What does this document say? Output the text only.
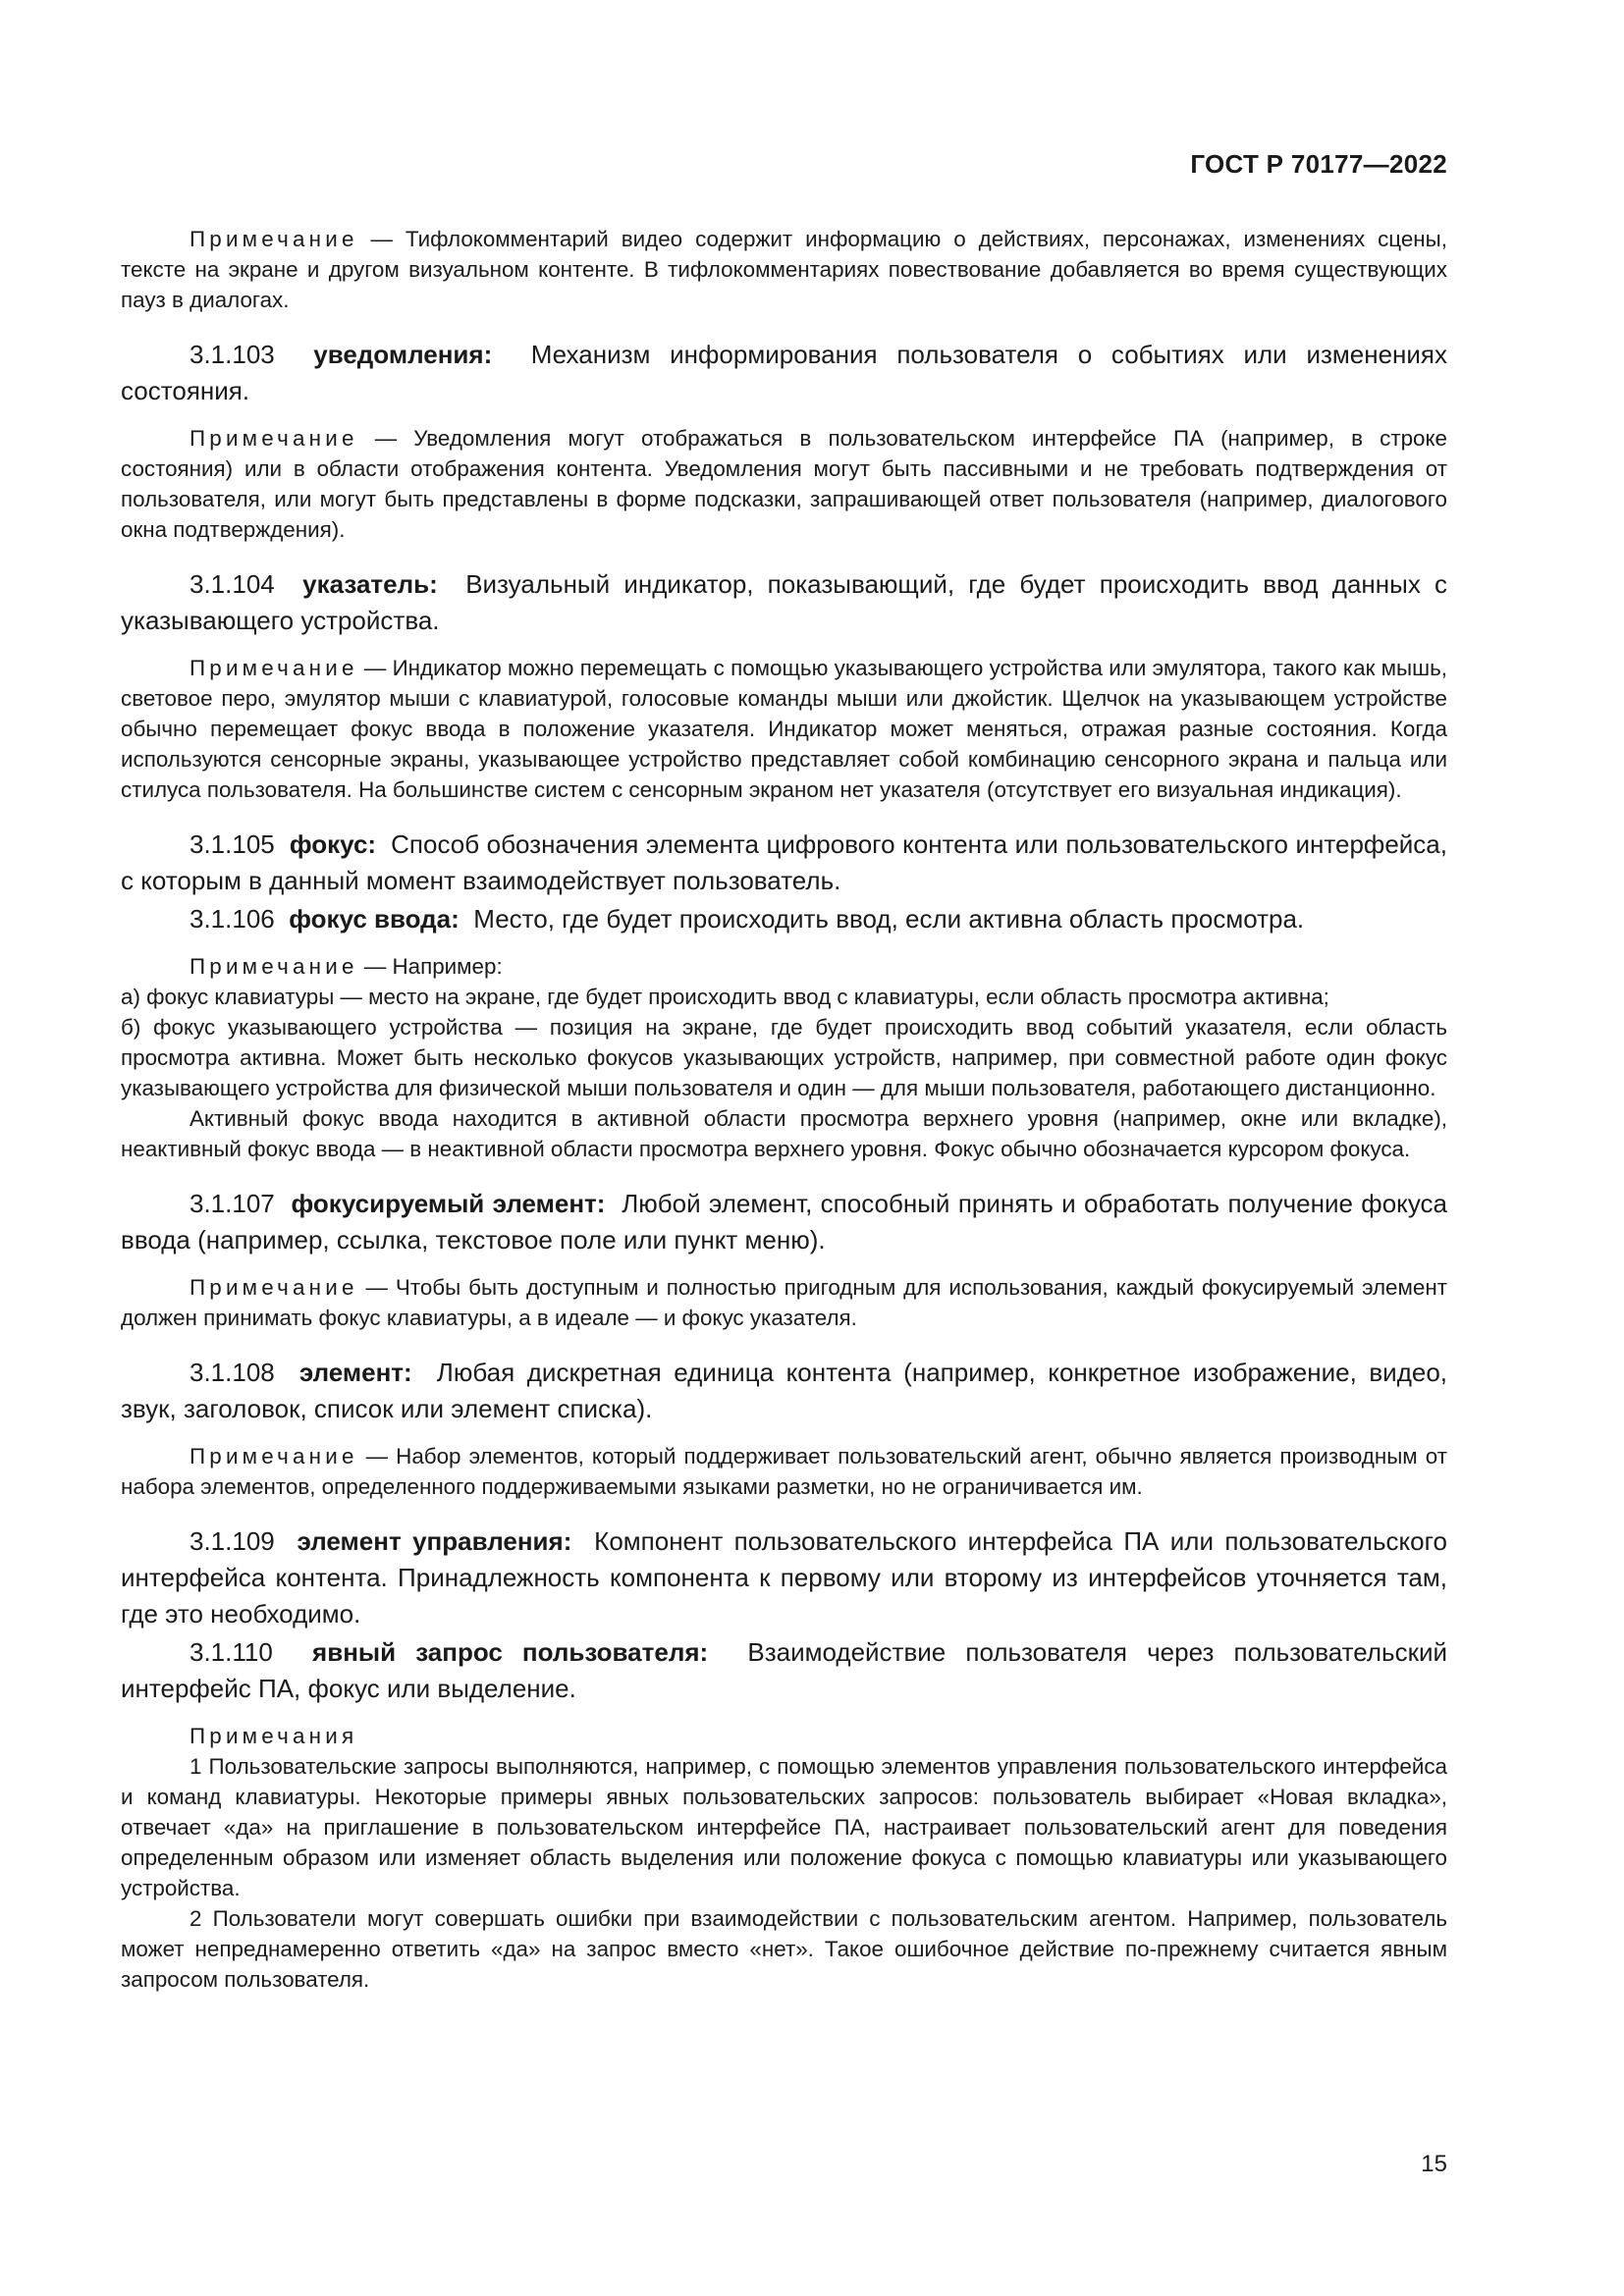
ГОСТ Р 70177—2022

Примечание — Тифлокомментарий видео содержит информацию о действиях, персонажах, изменениях сцены, тексте на экране и другом визуальном контенте. В тифлокомментариях повествование добавляется во время существующих пауз в диалогах.

3.1.103 уведомления: Механизм информирования пользователя о событиях или изменениях состояния.

Примечание — Уведомления могут отображаться в пользовательском интерфейсе ПА (например, в строке состояния) или в области отображения контента. Уведомления могут быть пассивными и не требовать подтверждения от пользователя, или могут быть представлены в форме подсказки, запрашивающей ответ пользователя (например, диалогового окна подтверждения).

3.1.104 указатель: Визуальный индикатор, показывающий, где будет происходить ввод данных с указывающего устройства.

Примечание — Индикатор можно перемещать с помощью указывающего устройства или эмулятора, такого как мышь, световое перо, эмулятор мыши с клавиатурой, голосовые команды мыши или джойстик. Щелчок на указывающем устройстве обычно перемещает фокус ввода в положение указателя. Индикатор может меняться, отражая разные состояния. Когда используются сенсорные экраны, указывающее устройство представляет собой комбинацию сенсорного экрана и пальца или стилуса пользователя. На большинстве систем с сенсорным экраном нет указателя (отсутствует его визуальная индикация).

3.1.105 фокус: Способ обозначения элемента цифрового контента или пользовательского интерфейса, с которым в данный момент взаимодействует пользователь.

3.1.106 фокус ввода: Место, где будет происходить ввод, если активна область просмотра.

Примечание — Например:

а) фокус клавиатуры — место на экране, где будет происходить ввод с клавиатуры, если область просмотра активна;

б) фокус указывающего устройства — позиция на экране, где будет происходить ввод событий указателя, если область просмотра активна. Может быть несколько фокусов указывающих устройств, например, при совместной работе один фокус указывающего устройства для физической мыши пользователя и один — для мыши пользователя, работающего дистанционно.

Активный фокус ввода находится в активной области просмотра верхнего уровня (например, окне или вкладке), неактивный фокус ввода — в неактивной области просмотра верхнего уровня. Фокус обычно обозначается курсором фокуса.

3.1.107 фокусируемый элемент: Любой элемент, способный принять и обработать получение фокуса ввода (например, ссылка, текстовое поле или пункт меню).

Примечание — Чтобы быть доступным и полностью пригодным для использования, каждый фокусируемый элемент должен принимать фокус клавиатуры, а в идеале — и фокус указателя.

3.1.108 элемент: Любая дискретная единица контента (например, конкретное изображение, видео, звук, заголовок, список или элемент списка).

Примечание — Набор элементов, который поддерживает пользовательский агент, обычно является производным от набора элементов, определенного поддерживаемыми языками разметки, но не ограничивается им.

3.1.109 элемент управления: Компонент пользовательского интерфейса ПА или пользовательского интерфейса контента. Принадлежность компонента к первому или второму из интерфейсов уточняется там, где это необходимо.

3.1.110 явный запрос пользователя: Взаимодействие пользователя через пользовательский интерфейс ПА, фокус или выделение.

Примечания

1 Пользовательские запросы выполняются, например, с помощью элементов управления пользовательского интерфейса и команд клавиатуры. Некоторые примеры явных пользовательских запросов: пользователь выбирает «Новая вкладка», отвечает «да» на приглашение в пользовательском интерфейсе ПА, настраивает пользовательский агент для поведения определенным образом или изменяет область выделения или положение фокуса с помощью клавиатуры или указывающего устройства.

2 Пользователи могут совершать ошибки при взаимодействии с пользовательским агентом. Например, пользователь может непреднамеренно ответить «да» на запрос вместо «нет». Такое ошибочное действие по-прежнему считается явным запросом пользователя.

15
